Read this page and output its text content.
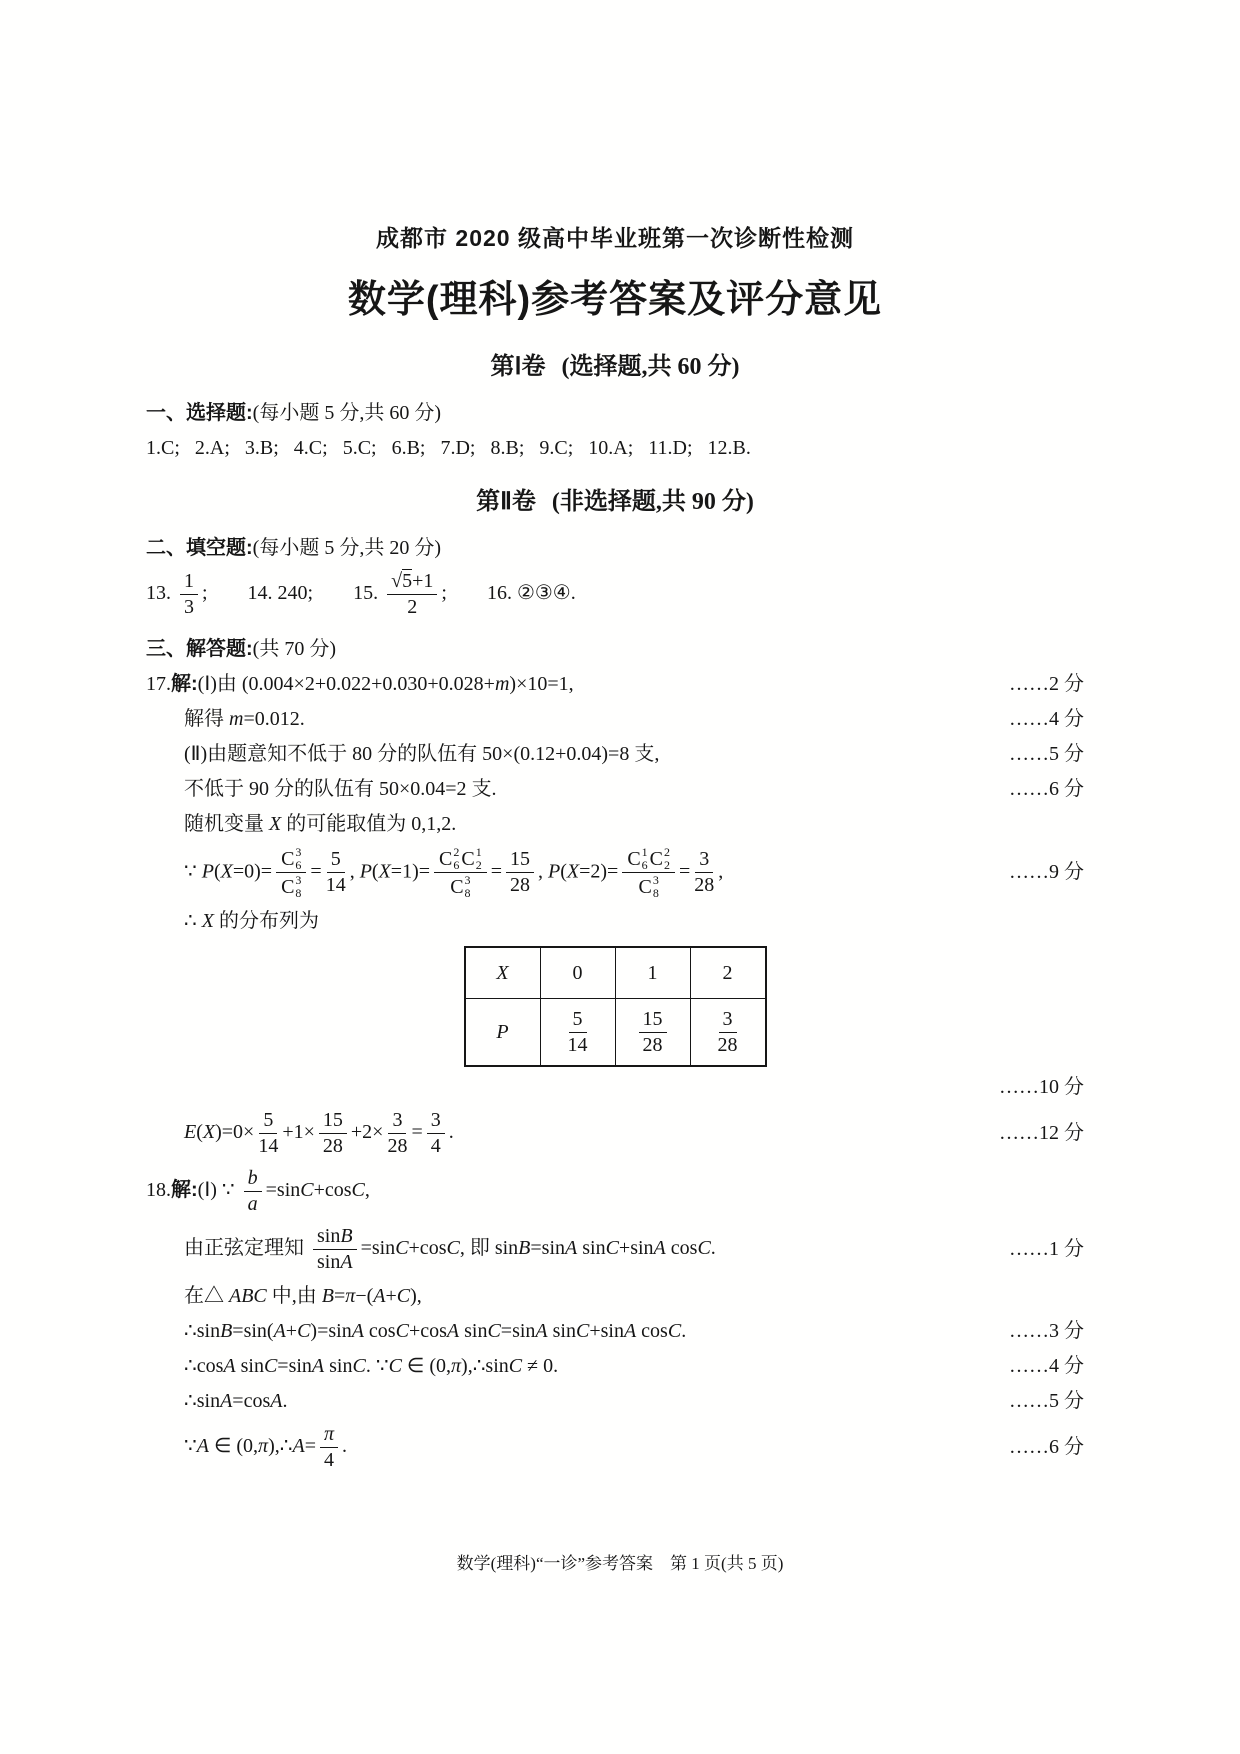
成都市 2020 级高中毕业班第一次诊断性检测
数学(理科)参考答案及评分意见
第Ⅰ卷 (选择题,共 60 分)
一、选择题:(每小题 5 分,共 60 分)
1.C;   2.A;   3.B;   4.C;   5.C;   6.B;   7.D;   8.B;   9.C;   10.A;   11.D;   12.B.
第Ⅱ卷 (非选择题,共 90 分)
二、填空题:(每小题 5 分,共 20 分)
13. $\frac{1}{3}$ ;        14. 240;        15. $\frac{√5+1}{2}$ ;        16. ②③④.
三、解答题:(共 70 分)
17.解:(Ⅰ)由 (0.004×2+0.022+0.030+0.028+m)×10=1,	……2 分
解得 m=0.012.	……4 分
(Ⅱ)由题意知不低于 80 分的队伍有 50×(0.12+0.04)=8 支,	……5 分
不低于 90 分的队伍有 50×0.04=2 支.	……6 分
随机变量 X 的可能取值为 0,1,2.
∵ P(X=0)= C 3
6
C 3
$8 = \frac{5}{14}$ , P(X=1)= C 2
6 C 1
2
C 3
$8 = \frac{15}{28}$ , P(X=2)= C 1
6 C 2
2
C 3
$8 = \frac{3}{28}$ ,	……9 分
∴ X 的分布列为
X	0	1	2
P	$\frac{5}{14}$	$\frac{15}{28}$	$\frac{3}{28}$
……10 分
$E(X)=0\times \frac{5}{14} +1\times \frac{15}{28} +2\times \frac{3}{28} = \frac{3}{4}$ .	……12 分
18.解:(Ⅰ) ∵ $\frac{b}{a} =\sin C+\cos C$,
由正弦定理知 $\frac{\sin B}{\sin A} =\sin C+\cos C$, 即 sinB=sinA sinC+sinA cosC.	……1 分
在△ ABC 中,由 B=π−(A+C),
∴sinB=sin(A+C)=sinA cosC+cosA sinC=sinA sinC+sinA cosC.	……3 分
∴cosA sinC=sinA sinC. ∵C ∈ (0,π),∴sinC ≠ 0.	……4 分
∴sinA=cosA.	……5 分
∵A ∈ (0,π),∴A= $\frac{\pi}{4}$ .	……6 分
数学(理科)“一诊”参考答案　第 1 页(共 5 页)
